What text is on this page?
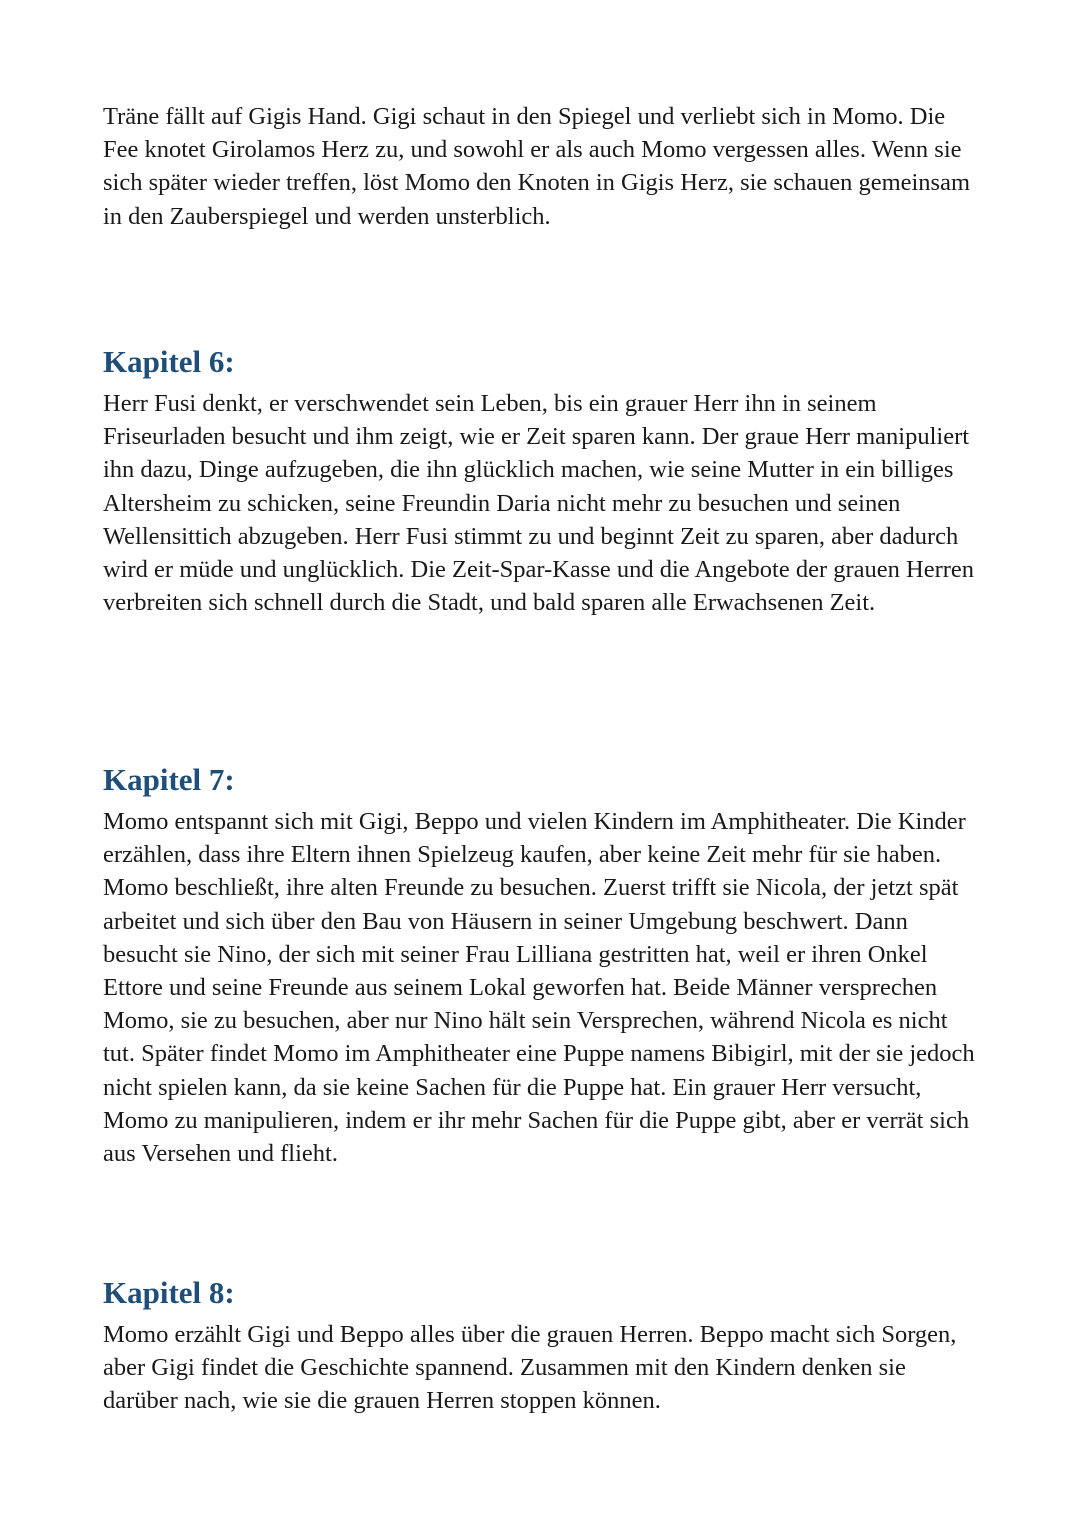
Träne fällt auf Gigis Hand. Gigi schaut in den Spiegel und verliebt sich in Momo. Die Fee knotet Girolamos Herz zu, und sowohl er als auch Momo vergessen alles. Wenn sie sich später wieder treffen, löst Momo den Knoten in Gigis Herz, sie schauen gemeinsam in den Zauberspiegel und werden unsterblich.

Kapitel 6:

Herr Fusi denkt, er verschwendet sein Leben, bis ein grauer Herr ihn in seinem Friseurladen besucht und ihm zeigt, wie er Zeit sparen kann. Der graue Herr manipuliert ihn dazu, Dinge aufzugeben, die ihn glücklich machen, wie seine Mutter in ein billiges Altersheim zu schicken, seine Freundin Daria nicht mehr zu besuchen und seinen Wellensittich abzugeben. Herr Fusi stimmt zu und beginnt Zeit zu sparen, aber dadurch wird er müde und unglücklich. Die Zeit-Spar-Kasse und die Angebote der grauen Herren verbreiten sich schnell durch die Stadt, und bald sparen alle Erwachsenen Zeit.

Kapitel 7:

Momo entspannt sich mit Gigi, Beppo und vielen Kindern im Amphitheater. Die Kinder erzählen, dass ihre Eltern ihnen Spielzeug kaufen, aber keine Zeit mehr für sie haben. Momo beschließt, ihre alten Freunde zu besuchen. Zuerst trifft sie Nicola, der jetzt spät arbeitet und sich über den Bau von Häusern in seiner Umgebung beschwert. Dann besucht sie Nino, der sich mit seiner Frau Lilliana gestritten hat, weil er ihren Onkel Ettore und seine Freunde aus seinem Lokal geworfen hat. Beide Männer versprechen Momo, sie zu besuchen, aber nur Nino hält sein Versprechen, während Nicola es nicht tut. Später findet Momo im Amphitheater eine Puppe namens Bibigirl, mit der sie jedoch nicht spielen kann, da sie keine Sachen für die Puppe hat. Ein grauer Herr versucht, Momo zu manipulieren, indem er ihr mehr Sachen für die Puppe gibt, aber er verrät sich aus Versehen und flieht.

Kapitel 8:

Momo erzählt Gigi und Beppo alles über die grauen Herren. Beppo macht sich Sorgen, aber Gigi findet die Geschichte spannend. Zusammen mit den Kindern denken sie darüber nach, wie sie die grauen Herren stoppen können.
